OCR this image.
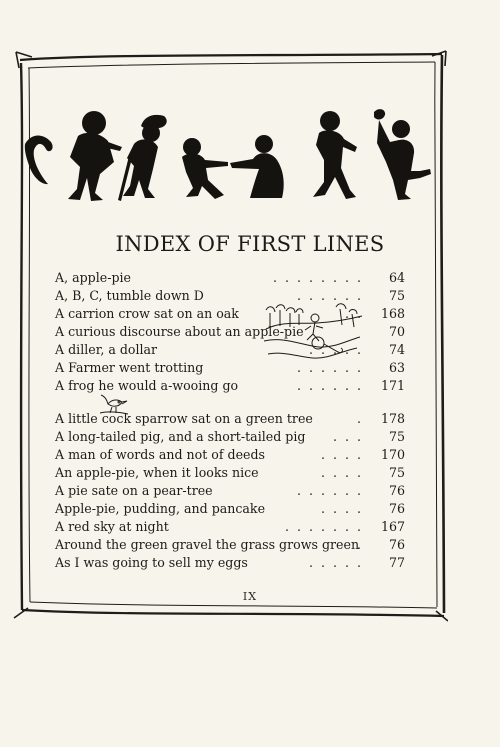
INDEX OF FIRST LINES
........
A, apple-pie	64
......
A, B, C, tumble down D	75
..
A carrion crow sat on an oak	168
A curious discourse about an apple-pie	70
.....
A diller, a dollar	74
......
A Farmer went trotting	63
......
A frog he would a-wooing go	171
.
A little cock sparrow sat on a green tree	178
...
A long-tailed pig, and a short-tailed pig	75
....
A man of words and not of deeds	170
....
An apple-pie, when it looks nice	75
......
A pie sate on a pear-tree	76
....
Apple-pie, pudding, and pancake	76
.......
A red sky at night	167
.
Around the green gravel the grass grows green	76
.....
As I was going to sell my eggs	77
IX
